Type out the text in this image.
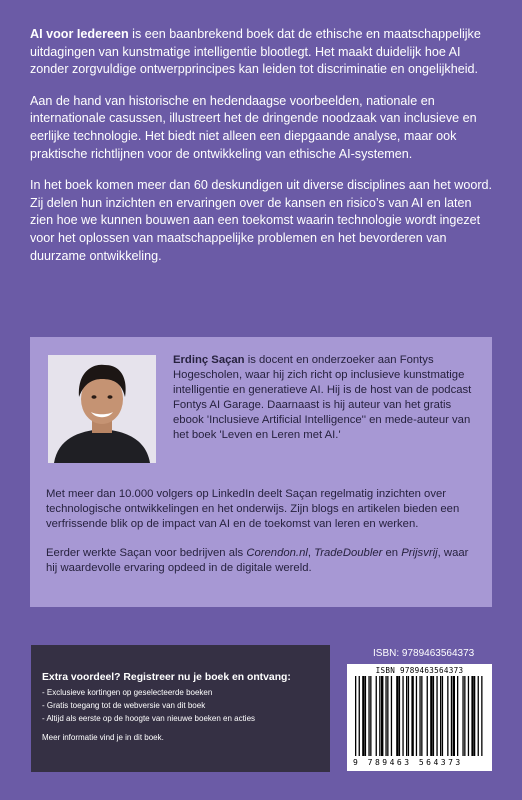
AI voor Iedereen is een baanbrekend boek dat de ethische en maatschappelijke uitdagingen van kunstmatige intelligentie blootlegt. Het maakt duidelijk hoe AI zonder zorgvuldige ontwerpprincipes kan leiden tot discriminatie en ongelijkheid.

Aan de hand van historische en hedendaagse voorbeelden, nationale en internationale casussen, illustreert het de dringende noodzaak van inclusieve en eerlijke technologie. Het biedt niet alleen een diepgaande analyse, maar ook praktische richtlijnen voor de ontwikkeling van ethische AI-systemen.

In het boek komen meer dan 60 deskundigen uit diverse disciplines aan het woord. Zij delen hun inzichten en ervaringen over de kansen en risico’s van AI en laten zien hoe we kunnen bouwen aan een toekomst waarin technologie wordt ingezet voor het oplossen van maatschappelijke problemen en het bevorderen van duurzame ontwikkeling.

Erdinç Saçan is docent en onderzoeker aan Fontys Hogescholen, waar hij zich richt op inclusieve kunstmatige intelligentie en generatieve AI. Hij is de host van de podcast Fontys AI Garage. Daarnaast is hij auteur van het gratis ebook 'Inclusieve Artificial Intelligence'' en mede-auteur van het boek 'Leven en Leren met AI.'

Met meer dan 10.000 volgers op LinkedIn deelt Saçan regelmatig inzichten over technologische ontwikkelingen en het onderwijs. Zijn blogs en artikelen bieden een verfrissende blik op de impact van AI en de toekomst van leren en werken.

Eerder werkte Saçan voor bedrijven als Corendon.nl, TradeDoubler en Prijsvrij, waar hij waardevolle ervaring opdeed in de digitale wereld.

Extra voordeel? Registreer nu je boek en ontvang:
- Exclusieve kortingen op geselecteerde boeken
- Gratis toegang tot de webversie van dit boek
- Altijd als eerste op de hoogte van nieuwe boeken en acties
Meer informatie vind je in dit boek.
ISBN: 9789463564373
ISBN 9789463564373
9 789463 564373
